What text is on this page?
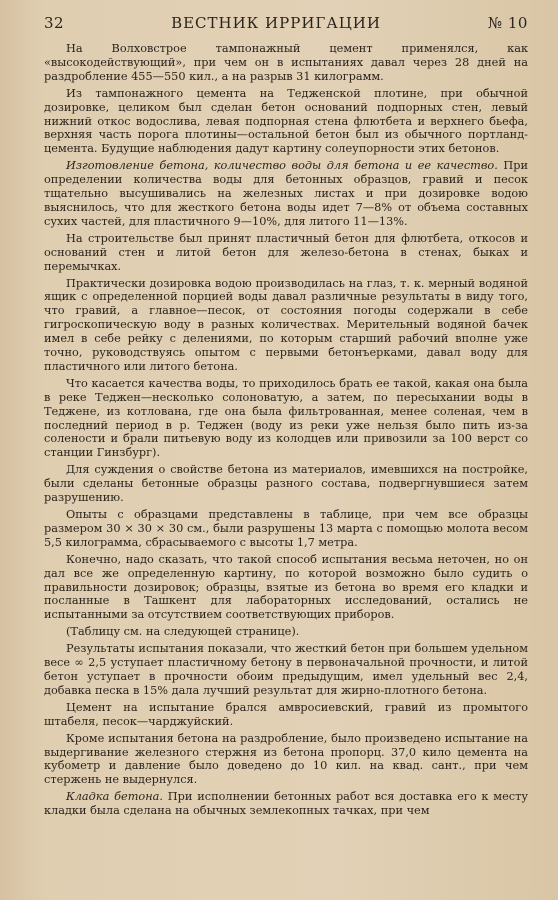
32	ВЕСТНИК ИРРИГАЦИИ	№ 10

На Волховстрое тампонажный цемент применялся, как «высокодействующий», при чем он в испытаниях давал через 28 дней на раздробление 455—550 кил., а на разрыв 31 килограмм.

Из тампонажного цемента на Тедженской плотине, при обычной дозировке, целиком был сделан бетон оснований подпорных стен, левый нижний откос водослива, левая подпорная стена флютбета и верхнего бьефа, верхняя часть порога плотины—остальной бетон был из обычного портланд-цемента. Будущие наблюдения дадут картину солеупорности этих бетонов.

Изготовление бетона, количество воды для бетона и ее качество. При определении количества воды для бетонных образцов, гравий и песок тщательно высушивались на железных листах и при дозировке водою выяснилось, что для жесткого бетона воды идет 7—8% от объема составных сухих частей, для пластичного 9—10%, для литого 11—13%.

На строительстве был принят пластичный бетон для флютбета, откосов и оснований стен и литой бетон для железо-бетона в стенах, быках и перемычках.

Практически дозировка водою производилась на глаз, т. к. мерный водяной ящик с определенной порцией воды давал различные результаты в виду того, что гравий, а главное—песок, от состояния погоды содержали в себе гигроскопическую воду в разных количествах. Мерительный водяной бачек имел в себе рейку с делениями, по которым старший рабочий вполне уже точно, руководствуясь опытом с первыми бетонъерками, давал воду для пластичного или литого бетона.

Что касается качества воды, то приходилось брать ее такой, какая она была в реке Теджен—несколько солоноватую, а затем, по пересыхании воды в Теджене, из котлована, где она была фильтрованная, менее соленая, чем в последний период в р. Теджен (воду из реки уже нельзя было пить из-за солености и брали питьевую воду из колодцев или привозили за 100 верст со станции Гинзбург).

Для суждения о свойстве бетона из материалов, имевшихся на постройке, были сделаны бетонные образцы разного состава, подвергнувшиеся затем разрушению.

Опыты с образцами представлены в таблице, при чем все образцы размером 30 × 30 × 30 см., были разрушены 13 марта с помощью молота весом 5,5 килограмма, сбрасываемого с высоты 1,7 метра.

Конечно, надо сказать, что такой способ испытания весьма неточен, но он дал все же определенную картину, по которой возможно было судить о правильности дозировок; образцы, взятые из бетона во время его кладки и посланные в Ташкент для лабораторных исследований, остались не испытанными за отсутствием соответствующих приборов.

(Таблицу см. на следующей странице).

Результаты испытания показали, что жесткий бетон при большем удельном весе ∞ 2,5 уступает пластичному бетону в первоначальной прочности, и литой бетон уступает в прочности обоим предыдущим, имел удельный вес 2,4, добавка песка в 15% дала лучший результат для жирно-плотного бетона.

Цемент на испытание брался амвросиевский, гравий из промытого штабеля, песок—чарджуйский.

Кроме испытания бетона на раздробление, было произведено испытание на выдергивание железного стержня из бетона пропорц. 37,0 кило цемента на кубометр и давление было доведено до 10 кил. на квад. сант., при чем стержень не выдернулся.

Кладка бетона. При исполнении бетонных работ вся доставка его к месту кладки была сделана на обычных землекопных тачках, при чем
